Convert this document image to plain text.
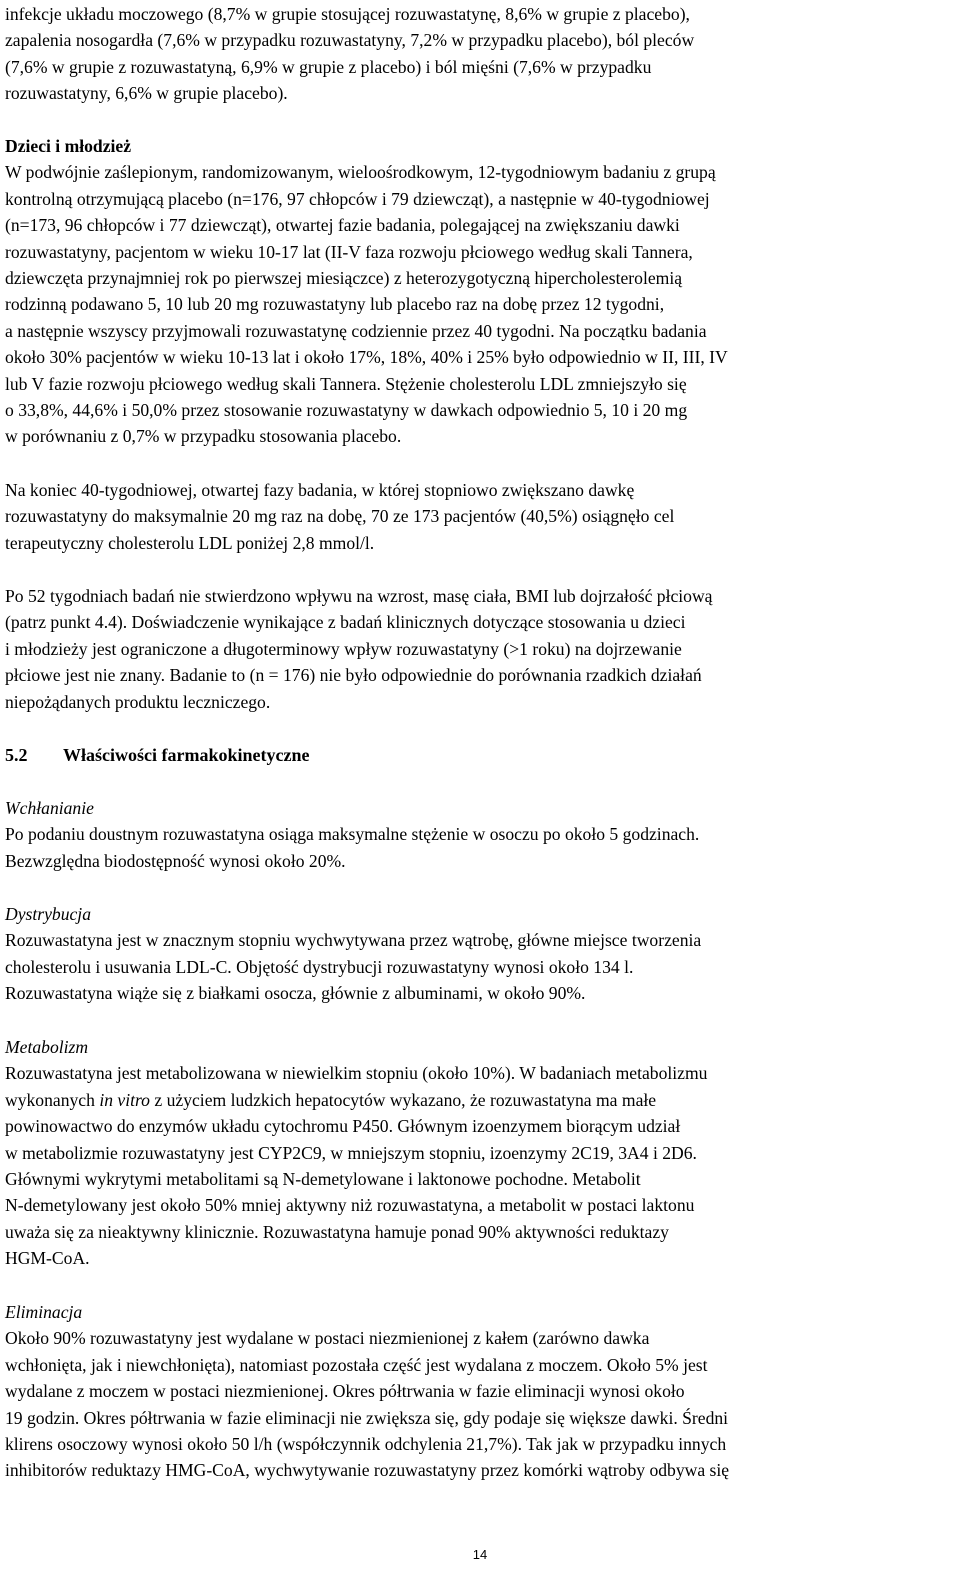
infekcje układu moczowego (8,7% w grupie stosującej rozuwastatynę, 8,6% w grupie z placebo),
zapalenia nosogardła (7,6% w przypadku rozuwastatyny, 7,2% w przypadku placebo), ból pleców
(7,6% w grupie z rozuwastatyną, 6,9% w grupie z placebo) i ból mięśni (7,6% w przypadku
rozuwastatyny, 6,6% w grupie placebo).
Dzieci i młodzież
W podwójnie zaślepionym, randomizowanym, wieloośrodkowym, 12-tygodniowym badaniu z grupą
kontrolną otrzymującą placebo (n=176, 97 chłopców i 79 dziewcząt), a następnie w 40-tygodniowej
(n=173, 96 chłopców i 77 dziewcząt), otwartej fazie badania, polegającej na zwiększaniu dawki
rozuwastatyny, pacjentom w wieku 10-17 lat (II-V faza rozwoju płciowego według skali Tannera,
dziewczęta przynajmniej rok po pierwszej miesiączce) z heterozygotyczną hipercholesterolemią
rodzinną podawano 5, 10 lub 20 mg rozuwastatyny lub placebo raz na dobę przez 12 tygodni,
a następnie wszyscy przyjmowali rozuwastatynę codziennie przez 40 tygodni. Na początku badania
około 30% pacjentów w wieku 10-13 lat i około 17%, 18%, 40% i 25% było odpowiednio w II, III, IV
lub V fazie rozwoju płciowego według skali Tannera. Stężenie cholesterolu LDL zmniejszyło się
o 33,8%, 44,6% i 50,0% przez stosowanie rozuwastatyny w dawkach odpowiednio 5, 10 i 20 mg
w porównaniu z 0,7% w przypadku stosowania placebo.
Na koniec 40-tygodniowej, otwartej fazy badania, w której stopniowo zwiększano dawkę
rozuwastatyny do maksymalnie 20 mg raz na dobę, 70 ze 173 pacjentów (40,5%) osiągnęło cel
terapeutyczny cholesterolu LDL poniżej 2,8 mmol/l.
Po 52 tygodniach badań nie stwierdzono wpływu na wzrost, masę ciała, BMI lub dojrzałość płciową
(patrz punkt 4.4). Doświadczenie wynikające z badań klinicznych dotyczące stosowania u dzieci
i młodzieży jest ograniczone a długoterminowy wpływ rozuwastatyny (>1 roku) na dojrzewanie
płciowe jest nie znany. Badanie to (n = 176) nie było odpowiednie do porównania rzadkich działań
niepożądanych produktu leczniczego.
5.2 Właściwości farmakokinetyczne
Wchłanianie
Po podaniu doustnym rozuwastatyna osiąga maksymalne stężenie w osoczu po około 5 godzinach.
Bezwzględna biodostępność wynosi około 20%.
Dystrybucja
Rozuwastatyna jest w znacznym stopniu wychwytywana przez wątrobę, główne miejsce tworzenia
cholesterolu i usuwania LDL-C. Objętość dystrybucji rozuwastatyny wynosi około 134 l.
Rozuwastatyna wiąże się z białkami osocza, głównie z albuminami, w około 90%.
Metabolizm
Rozuwastatyna jest metabolizowana w niewielkim stopniu (około 10%). W badaniach metabolizmu
wykonanych in vitro z użyciem ludzkich hepatocytów wykazano, że rozuwastatyna ma małe
powinowactwo do enzymów układu cytochromu P450. Głównym izoenzymem biorącym udział
w metabolizmie rozuwastatyny jest CYP2C9, w mniejszym stopniu, izoenzymy 2C19, 3A4 i 2D6.
Głównymi wykrytymi metabolitami są N-demetylowane i laktonowe pochodne. Metabolit
N-demetylowany jest około 50% mniej aktywny niż rozuwastatyna, a metabolit w postaci laktonu
uważa się za nieaktywny klinicznie. Rozuwastatyna hamuje ponad 90% aktywności reduktazy
HGM-CoA.
Eliminacja
Około 90% rozuwastatyny jest wydalane w postaci niezmienionej z kałem (zarówno dawka
wchłonięta, jak i niewchłonięta), natomiast pozostała część jest wydalana z moczem. Około 5% jest
wydalane z moczem w postaci niezmienionej. Okres półtrwania w fazie eliminacji wynosi około
19 godzin. Okres półtrwania w fazie eliminacji nie zwiększa się, gdy podaje się większe dawki. Średni
klirens osoczowy wynosi około 50 l/h (współczynnik odchylenia 21,7%). Tak jak w przypadku innych
inhibitorów reduktazy HMG-CoA, wychwytywanie rozuwastatyny przez komórki wątroby odbywa się
14
